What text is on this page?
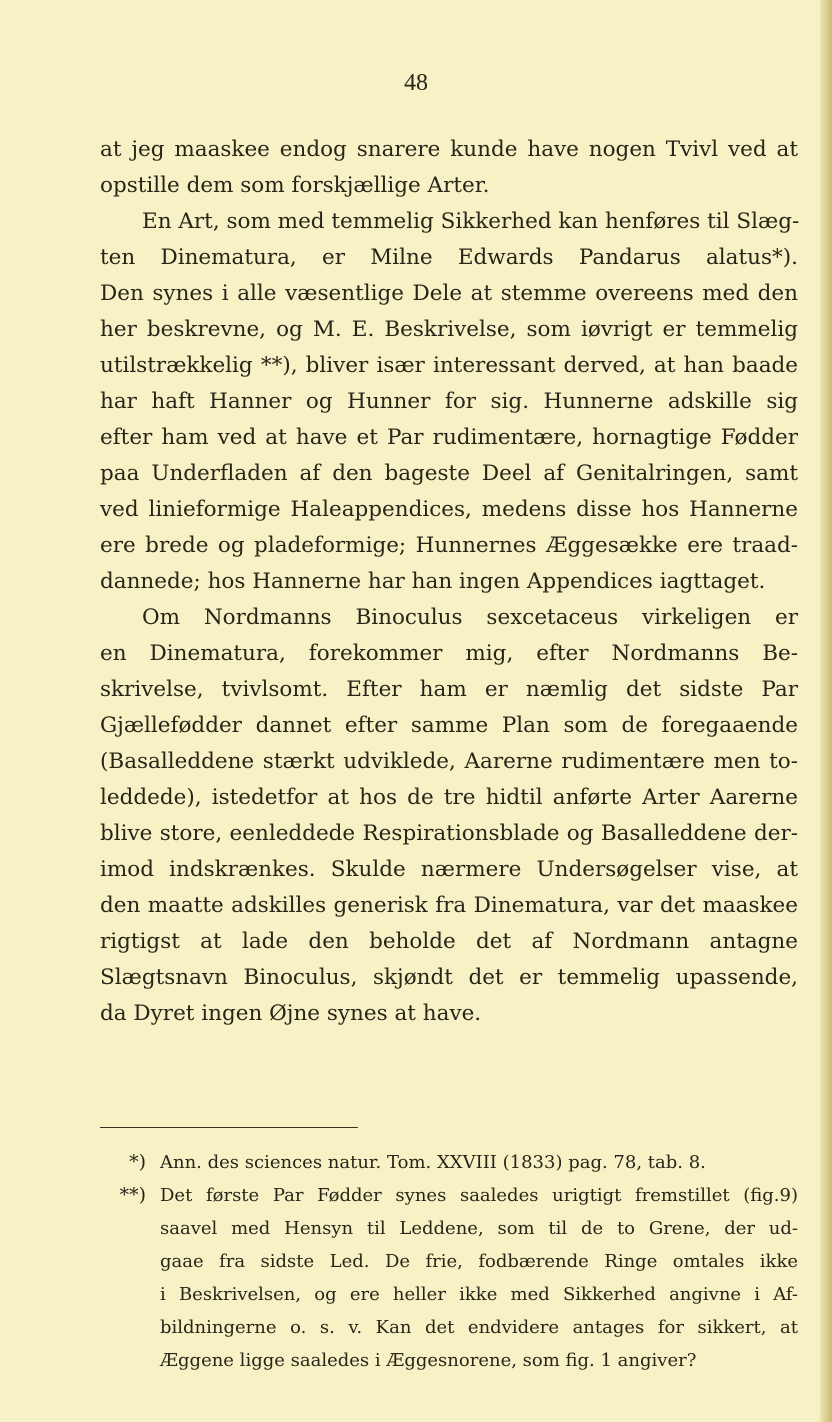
48
at jeg maaskee endog snarere kunde have nogen Tvivl ved at
opstille dem som forskjællige Arter.
En Art, som med temmelig Sikkerhed kan henføres til Slæg-
ten Dinematura, er Milne Edwards Pandarus alatus*).
Den synes i alle væsentlige Dele at stemme overeens med den
her beskrevne, og M. E. Beskrivelse, som iøvrigt er temmelig
utilstrækkelig **), bliver især interessant derved, at han baade
har haft Hanner og Hunner for sig. Hunnerne adskille sig
efter ham ved at have et Par rudimentære, hornagtige Fødder
paa Underfladen af den bageste Deel af Genitalringen, samt
ved linieformige Haleappendices, medens disse hos Hannerne
ere brede og pladeformige; Hunnernes Æggesække ere traad-
dannede; hos Hannerne har han ingen Appendices iagttaget.
Om Nordmanns Binoculus sexcetaceus virkeligen er
en Dinematura, forekommer mig, efter Nordmanns Be-
skrivelse, tvivlsomt. Efter ham er næmlig det sidste Par
Gjællefødder dannet efter samme Plan som de foregaaende
(Basalleddene stærkt udviklede, Aarerne rudimentære men to-
leddede), istedetfor at hos de tre hidtil anførte Arter Aarerne
blive store, eenleddede Respirationsblade og Basalleddene der-
imod indskrænkes. Skulde nærmere Undersøgelser vise, at
den maatte adskilles generisk fra Dinematura, var det maaskee
rigtigst at lade den beholde det af Nordmann antagne
Slægtsnavn Binoculus, skjøndt det er temmelig upassende,
da Dyret ingen Øjne synes at have.
*) Ann. des sciences natur. Tom. XXVIII (1833) pag. 78, tab. 8.
**) Det første Par Fødder synes saaledes urigtigt fremstillet (fig.9)
saavel med Hensyn til Leddene, som til de to Grene, der ud-
gaae fra sidste Led. De frie, fodbærende Ringe omtales ikke
i Beskrivelsen, og ere heller ikke med Sikkerhed angivne i Af-
bildningerne o. s. v. Kan det endvidere antages for sikkert, at
Æggene ligge saaledes i Æggesnorene, som fig. 1 angiver?
